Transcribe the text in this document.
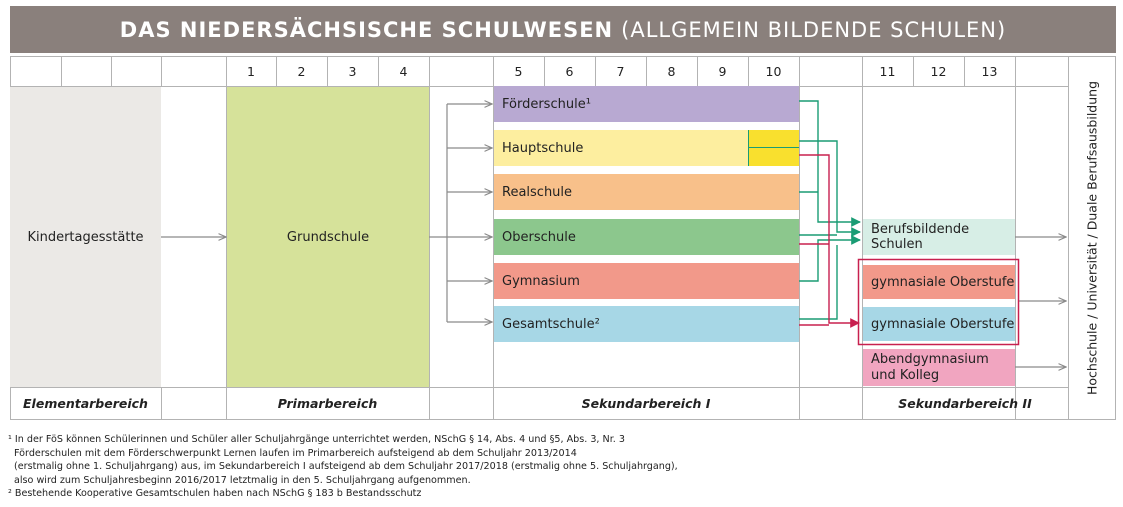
DAS NIEDERSÄCHSISCHE SCHULWESEN (ALLGEMEIN BILDENDE SCHULEN)
1	2	3	4	5	6	7	8	9	10	11	12	13
Kindertagesstätte	Grundschule
Förderschule¹
Hauptschule
Realschule
Oberschule
Gymnasium
Gesamtschule²
Berufsbildende Schulen
gymnasiale Oberstufe
gymnasiale Oberstufe
Abendgymnasium
und Kolleg	Hochschule / Universität / Duale Berufsausbildung
Elementarbereich	Primarbereich	Sekundarbereich I	Sekundarbereich II
¹ In der FöS können Schülerinnen und Schüler aller Schuljahrgänge unterrichtet werden, NSchG § 14, Abs. 4 und §5, Abs. 3, Nr. 3
Förderschulen mit dem Förderschwerpunkt Lernen laufen im Primarbereich aufsteigend ab dem Schuljahr 2013/2014
(erstmalig ohne 1. Schuljahrgang) aus, im Sekundarbereich I aufsteigend ab dem Schuljahr 2017/2018 (erstmalig ohne 5. Schuljahrgang),
also wird zum Schuljahresbeginn 2016/2017 letztmalig in den 5. Schuljahrgang aufgenommen.
² Bestehende Kooperative Gesamtschulen haben nach NSchG § 183 b Bestandsschutz
